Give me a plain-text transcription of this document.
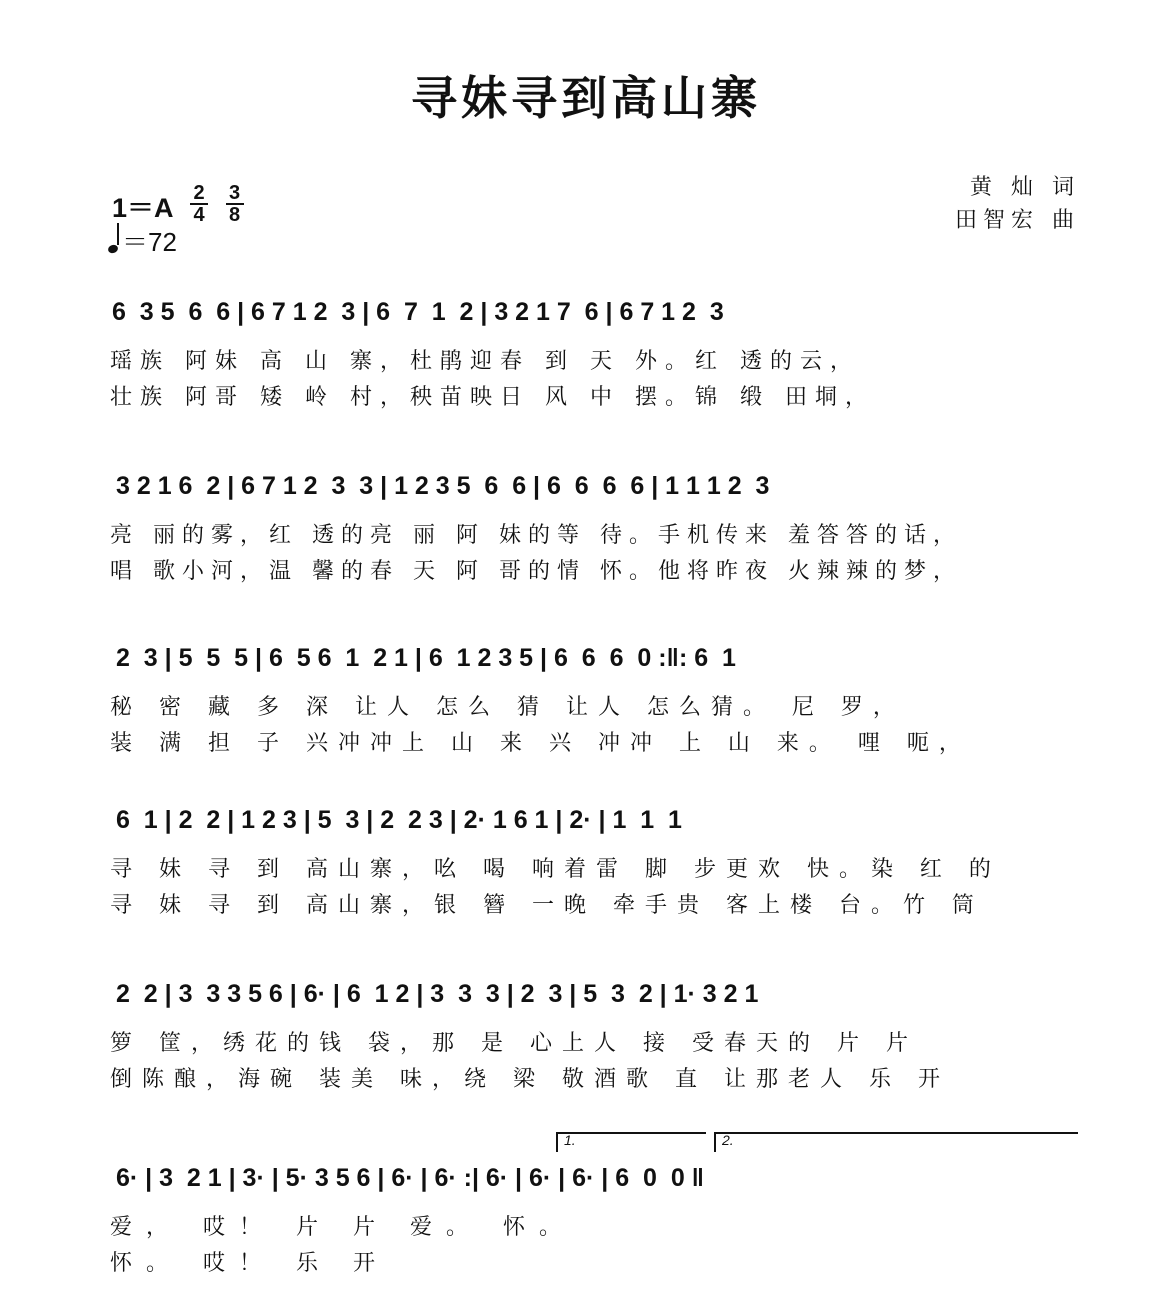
寻妹寻到高山寨
$1=A \frac{2}{4}$
$\frac{3}{8}$
＝72
黄 灿 词
田智宏 曲
6  3 5  6  6 | 6 7 1 2  3 | 6  7  1  2 | 3 2 1 7  6 | 6 7 1 2  3
瑶族 阿妹 高 山 寨，杜鹃迎春 到 天 外。红 透的云，
壮族 阿哥 矮 岭 村，秧苗映日 风 中 摆。锦 缎 田垌，
3 2 1 6  2 | 6 7 1 2  3  3 | 1 2 3 5  6  6 | 6  6  6  6 | 1 1 1 2  3
亮 丽的雾，红 透的亮 丽 阿 妹的等 待。手机传来 羞答答的话，
唱 歌小河，温 馨的春 天 阿 哥的情 怀。他将昨夜 火辣辣的梦，
2  3 | 5  5  5 | 6  5 6  1  2 1 | 6  1 2 3 5 | 6  6  6  0 :‖: 6  1
秘 密 藏 多 深 让人 怎么 猜 让人 怎么猜。 尼 罗，
装 满 担 子 兴冲冲上 山 来 兴 冲冲 上 山 来。 哩 呃，
6  1 | 2  2 | 1 2 3 | 5  3 | 2  2 3 | 2· 1 6 1 | 2· | 1  1  1
寻 妹 寻 到 高山寨，吆 喝 响着雷 脚 步更欢 快。染 红 的
寻 妹 寻 到 高山寨，银 簪 一晚 牵手贵 客上楼 台。竹 筒
2  2 | 3  3 3 5 6 | 6· | 6  1 2 | 3  3  3 | 2  3 | 5  3  2 | 1· 3 2 1
箩 筐，绣花的钱 袋，那 是 心上人 接 受春天的 片 片
倒陈酿，海碗 装美 味，绕 梁 敬酒歌 直 让那老人 乐 开
1.	2.
6· | 3  2 1 | 3· | 5· 3 5 6 | 6· | 6· :| 6· | 6· | 6· | 6  0  0 ‖
爱， 哎！ 片 片 爱。 怀。
怀。 哎！ 乐 开
